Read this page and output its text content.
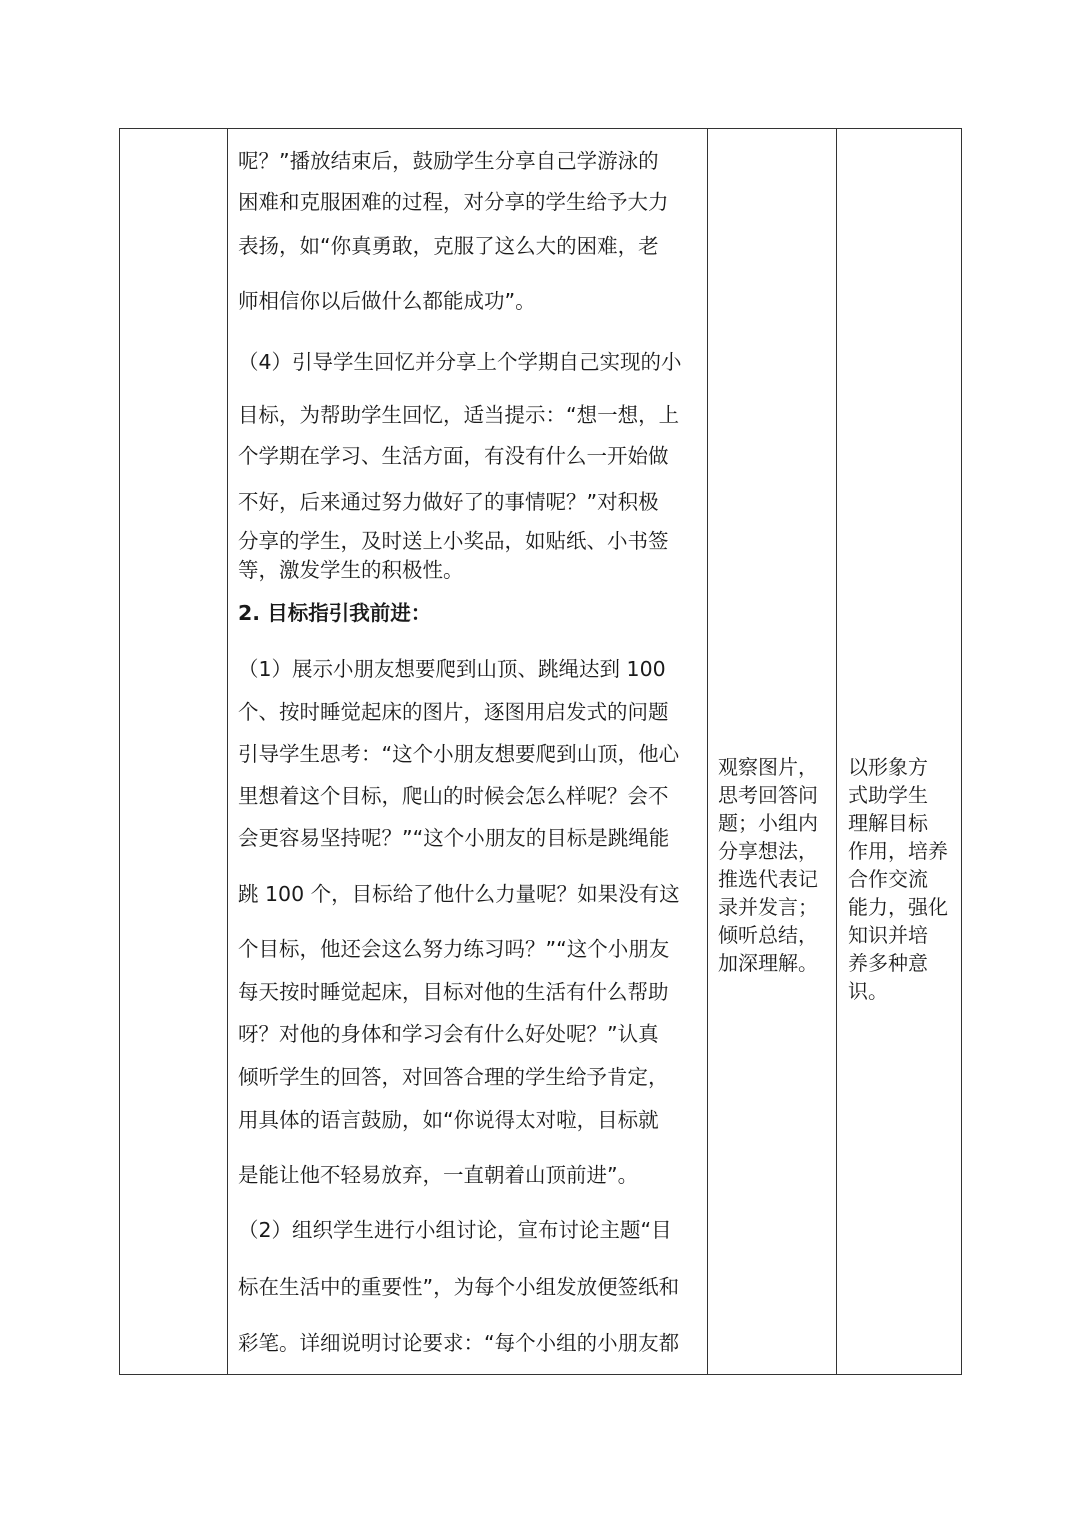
呢？”播放结束后，鼓励学生分享自己学游泳的
困难和克服困难的过程，对分享的学生给予大力
表扬，如“你真勇敢，克服了这么大的困难，老
师相信你以后做什么都能成功”。
（4）引导学生回忆并分享上个学期自己实现的小
目标，为帮助学生回忆，适当提示：“想一想，上
个学期在学习、生活方面，有没有什么一开始做
不好，后来通过努力做好了的事情呢？”对积极
分享的学生，及时送上小奖品，如贴纸、小书签
等，激发学生的积极性。
2. 目标指引我前进：
（1）展示小朋友想要爬到山顶、跳绳达到 100
个、按时睡觉起床的图片，逐图用启发式的问题
引导学生思考：“这个小朋友想要爬到山顶，他心
里想着这个目标，爬山的时候会怎么样呢？会不
会更容易坚持呢？”“这个小朋友的目标是跳绳能
跳 100 个，目标给了他什么力量呢？如果没有这
个目标，他还会这么努力练习吗？”“这个小朋友
每天按时睡觉起床，目标对他的生活有什么帮助
呀？对他的身体和学习会有什么好处呢？”认真
倾听学生的回答，对回答合理的学生给予肯定，
用具体的语言鼓励，如“你说得太对啦，目标就
是能让他不轻易放弃，一直朝着山顶前进”。
（2）组织学生进行小组讨论，宣布讨论主题“目
标在生活中的重要性”，为每个小组发放便签纸和
彩笔。详细说明讨论要求：“每个小组的小朋友都
观察图片，
思考回答问
题；小组内
分享想法，
推选代表记
录并发言；
倾听总结，
加深理解。
以形象方
式助学生
理解目标
作用，培养
合作交流
能力，强化
知识并培
养多种意
识。
